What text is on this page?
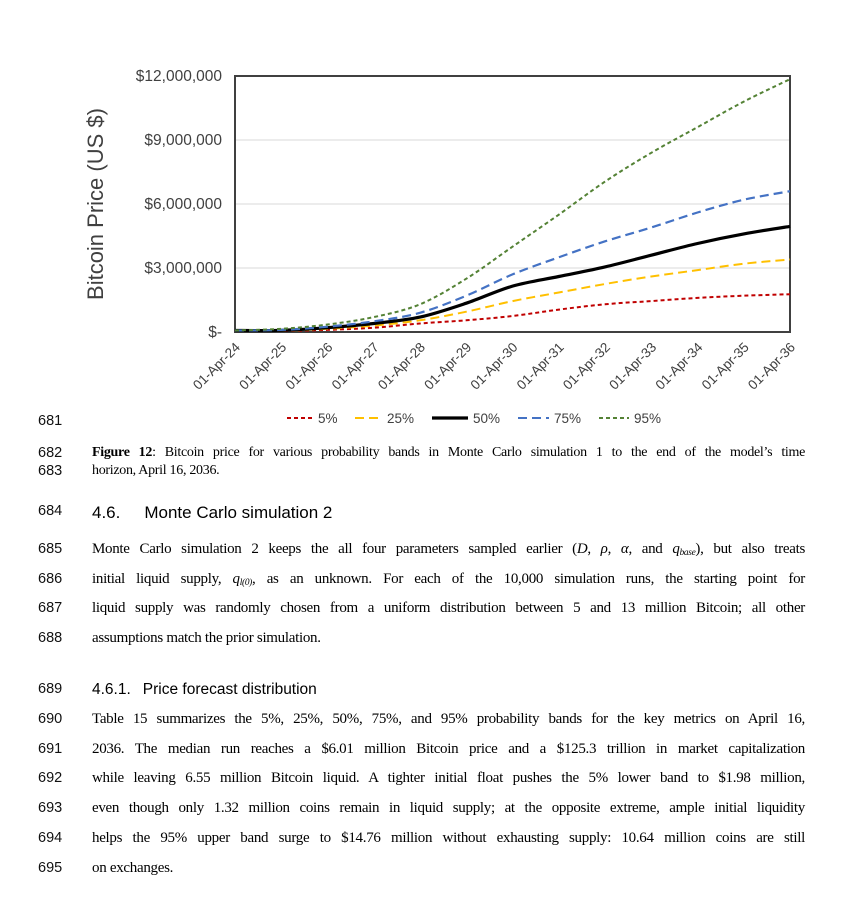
$-
$3,000,000
$6,000,000
$9,000,000
$12,000,000
01-Apr-24
01-Apr-25
01-Apr-26
01-Apr-27
01-Apr-28
01-Apr-29
01-Apr-30
01-Apr-31
01-Apr-32
01-Apr-33
01-Apr-34
01-Apr-35
01-Apr-36
Bitcoin Price (US $)
5%	25%	50%	75%	95%
681
682 Figure 12: Bitcoin price for various probability bands in Monte Carlo simulation 1 to the end of the model’s time
683 horizon, April 16, 2036.
684 4.6. Monte Carlo simulation 2
685 Monte Carlo simulation 2 keeps the all four parameters sampled earlier (D, ρ, α, and qbase), but also treats
686 initial liquid supply, ql(0), as an unknown. For each of the 10,000 simulation runs, the starting point for
687 liquid supply was randomly chosen from a uniform distribution between 5 and 13 million Bitcoin; all other
688 assumptions match the prior simulation.
689 4.6.1. Price forecast distribution
690 Table 15 summarizes the 5%, 25%, 50%, 75%, and 95% probability bands for the key metrics on April 16,
691 2036. The median run reaches a $6.01 million Bitcoin price and a $125.3 trillion in market capitalization
692 while leaving 6.55 million Bitcoin liquid. A tighter initial float pushes the 5% lower band to $1.98 million,
693 even though only 1.32 million coins remain in liquid supply; at the opposite extreme, ample initial liquidity
694 helps the 95% upper band surge to $14.76 million without exhausting supply: 10.64 million coins are still
695 on exchanges.
